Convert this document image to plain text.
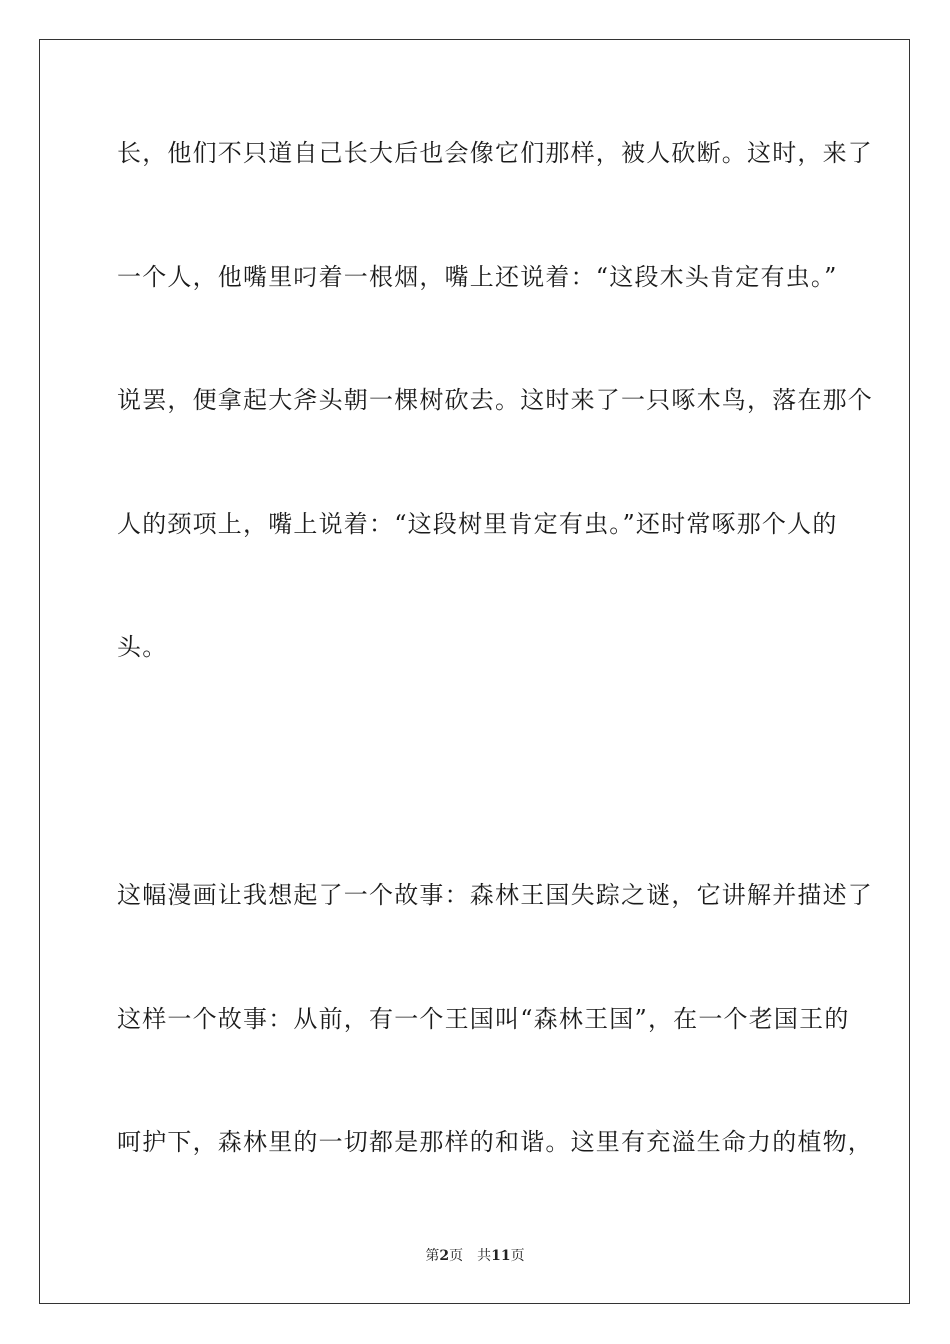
长，他们不只道自己长大后也会像它们那样，被人砍断。这时，来了
一个人，他嘴里叼着一根烟，嘴上还说着：“这段木头肯定有虫。”
说罢，便拿起大斧头朝一棵树砍去。这时来了一只啄木鸟，落在那个
人的颈项上，嘴上说着：“这段树里肯定有虫。”还时常啄那个人的
头。
这幅漫画让我想起了一个故事：森林王国失踪之谜，它讲解并描述了
这样一个故事：从前，有一个王国叫“森林王国”，在一个老国王的
呵护下，森林里的一切都是那样的和谐。这里有充溢生命力的植物，
第2页 共11页
